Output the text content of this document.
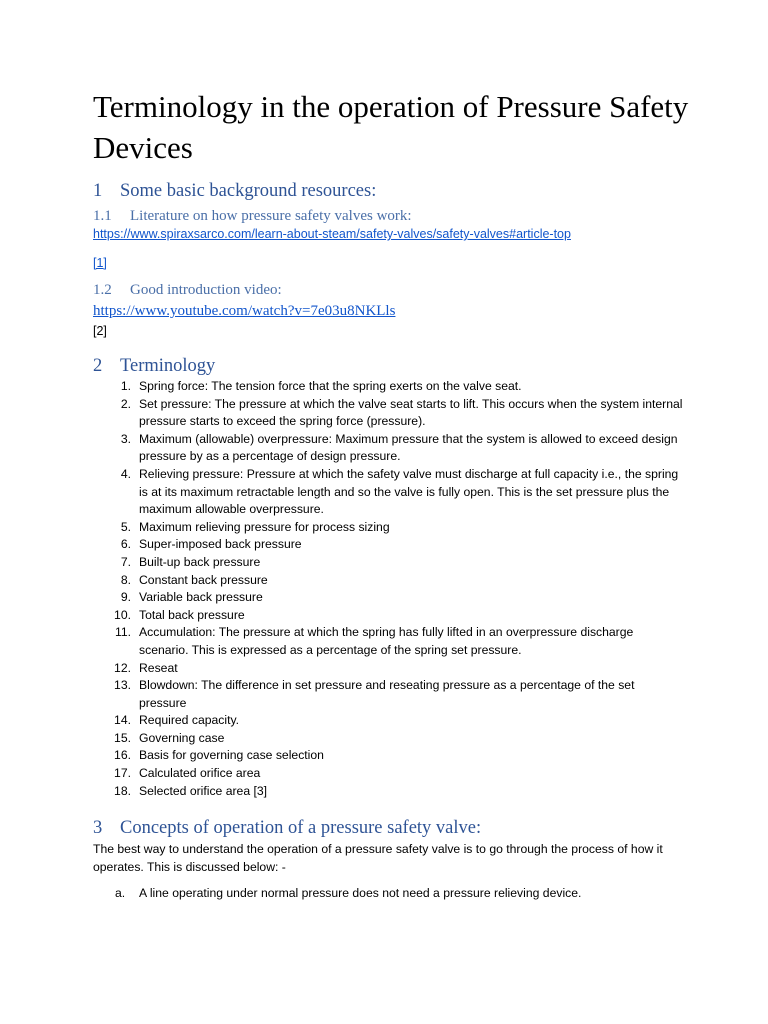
Terminology in the operation of Pressure Safety Devices
1 Some basic background resources:
1.1 Literature on how pressure safety valves work:
https://www.spiraxsarco.com/learn-about-steam/safety-valves/safety-valves#article-top
[1]
1.2 Good introduction video:
https://www.youtube.com/watch?v=7e03u8NKLls
[2]
2 Terminology
1. Spring force: The tension force that the spring exerts on the valve seat.
2. Set pressure: The pressure at which the valve seat starts to lift. This occurs when the system internal pressure starts to exceed the spring force (pressure).
3. Maximum (allowable) overpressure: Maximum pressure that the system is allowed to exceed design pressure by as a percentage of design pressure.
4. Relieving pressure: Pressure at which the safety valve must discharge at full capacity i.e., the spring is at its maximum retractable length and so the valve is fully open. This is the set pressure plus the maximum allowable overpressure.
5. Maximum relieving pressure for process sizing
6. Super-imposed back pressure
7. Built-up back pressure
8. Constant back pressure
9. Variable back pressure
10. Total back pressure
11. Accumulation: The pressure at which the spring has fully lifted in an overpressure discharge scenario. This is expressed as a percentage of the spring set pressure.
12. Reseat
13. Blowdown: The difference in set pressure and reseating pressure as a percentage of the set pressure
14. Required capacity.
15. Governing case
16. Basis for governing case selection
17. Calculated orifice area
18. Selected orifice area [3]
3 Concepts of operation of a pressure safety valve:

The best way to understand the operation of a pressure safety valve is to go through the process of how it operates. This is discussed below: -

a. A line operating under normal pressure does not need a pressure relieving device.
